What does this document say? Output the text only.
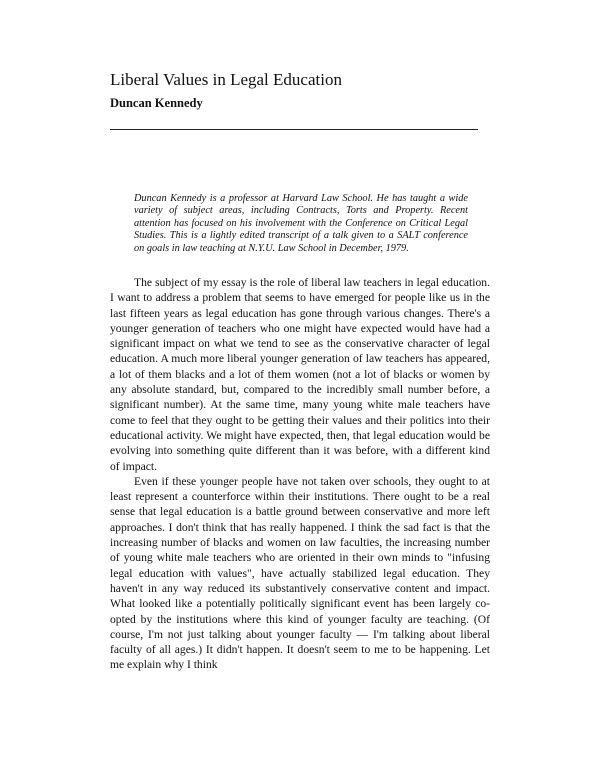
Liberal Values in Legal Education
Duncan Kennedy

Duncan Kennedy is a professor at Harvard Law School. He has taught a wide variety of subject areas, including Contracts, Torts and Property. Recent attention has focused on his involvement with the Conference on Critical Legal Studies. This is a lightly edited transcript of a talk given to a SALT conference on goals in law teaching at N.Y.U. Law School in December, 1979.

The subject of my essay is the role of liberal law teachers in legal education. I want to address a problem that seems to have emerged for people like us in the last fifteen years as legal education has gone through various changes. There's a younger generation of teachers who one might have expected would have had a significant impact on what we tend to see as the conservative character of legal education. A much more liberal younger generation of law teachers has appeared, a lot of them blacks and a lot of them women (not a lot of blacks or women by any absolute standard, but, compared to the incredibly small number before, a significant number). At the same time, many young white male teachers have come to feel that they ought to be getting their values and their politics into their educational activity. We might have expected, then, that legal education would be evolving into something quite different than it was before, with a different kind of impact.

Even if these younger people have not taken over schools, they ought to at least represent a counterforce within their institutions. There ought to be a real sense that legal education is a battle ground between conservative and more left approaches. I don't think that has really happened. I think the sad fact is that the increasing number of blacks and women on law faculties, the increasing number of young white male teachers who are oriented in their own minds to "infusing legal education with values", have actually stabilized legal education. They haven't in any way reduced its substantively conservative content and impact. What looked like a potentially politically significant event has been largely co-opted by the institutions where this kind of younger faculty are teaching. (Of course, I'm not just talking about younger faculty — I'm talking about liberal faculty of all ages.) It didn't happen. It doesn't seem to me to be happening. Let me explain why I think
